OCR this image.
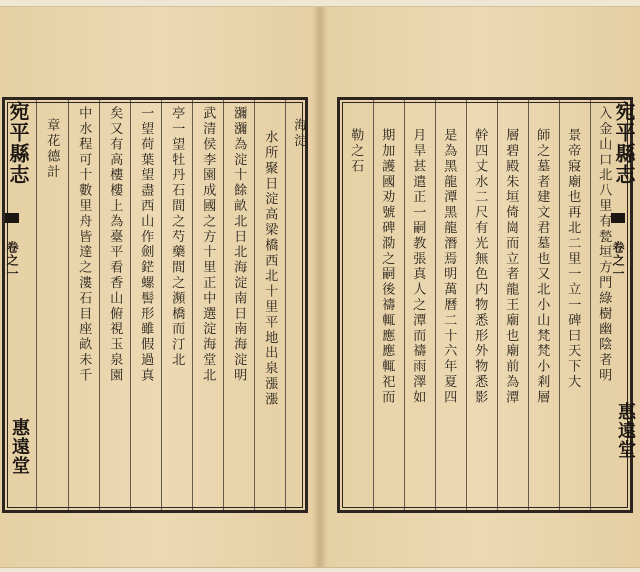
宛平縣志
卷之一
惠遠堂
水所聚日淀高梁橋西北十里平地出泉漲漲
瀰瀰為淀十餘畝北日北海淀南日南海淀明
武清侯李園成國之方十里正中選淀海堂北
亭一望牡丹石間之芍藥間之瀕橋而汀北
一望荷葉望盡西山作劍鋩螺髻形雖假過真
矣又有高樓樓上為臺平看香山俯視玉泉園
中水程可十數里舟皆達之漊石目座畝未千
章花德計	海淀	入金山口北八里有甃垣方門綠樹幽陰者明
景帝寢廟也再北二里一立一碑曰天下大
師之墓者建文君墓也又北小山梵梵小剎層
層碧殿朱垣倚崗而立者龍王廟也廟前為潭
幹四丈水二尺有光無色内物悉形外物悉影
是為黑龍潭黑龍潛焉明萬曆二十六年夏四
月旱甚遣正一嗣教張真人之潭而禱雨澤如
期加護國劝號碑泐之嗣後禱輒應應輒祀而
勒之石	宛平縣志
卷之一
惠遠堂
